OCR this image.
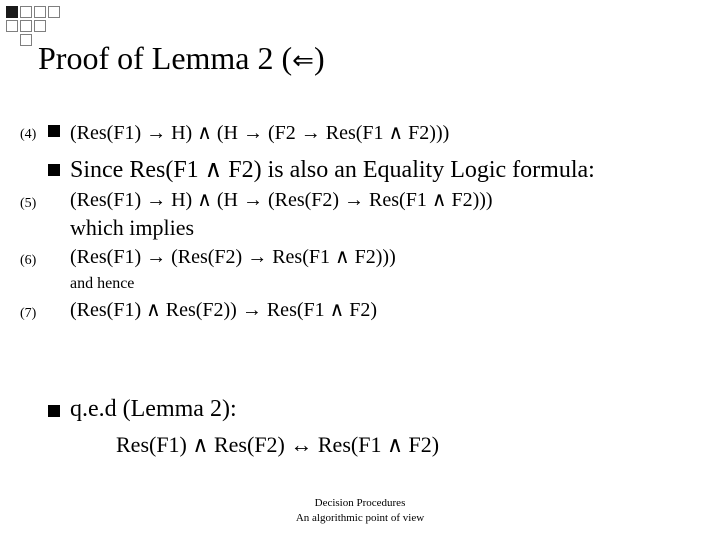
Proof of Lemma 2 (⇐)
(4) (Res(F1) → H) ∧ (H → (F2 → Res(F1 ∧ F2)))
Since Res(F1 ∧ F2) is also an Equality Logic formula:
(5) (Res(F1) → H) ∧ (H → (Res(F2) → Res(F1 ∧ F2)))
which implies
(6) (Res(F1) → (Res(F2) → Res(F1 ∧ F2)))
and hence
(7) (Res(F1) ∧ Res(F2)) → Res(F1 ∧ F2)
q.e.d (Lemma 2):
Res(F1) ∧ Res(F2) ↔ Res(F1 ∧ F2)
Decision Procedures
An algorithmic point of view
